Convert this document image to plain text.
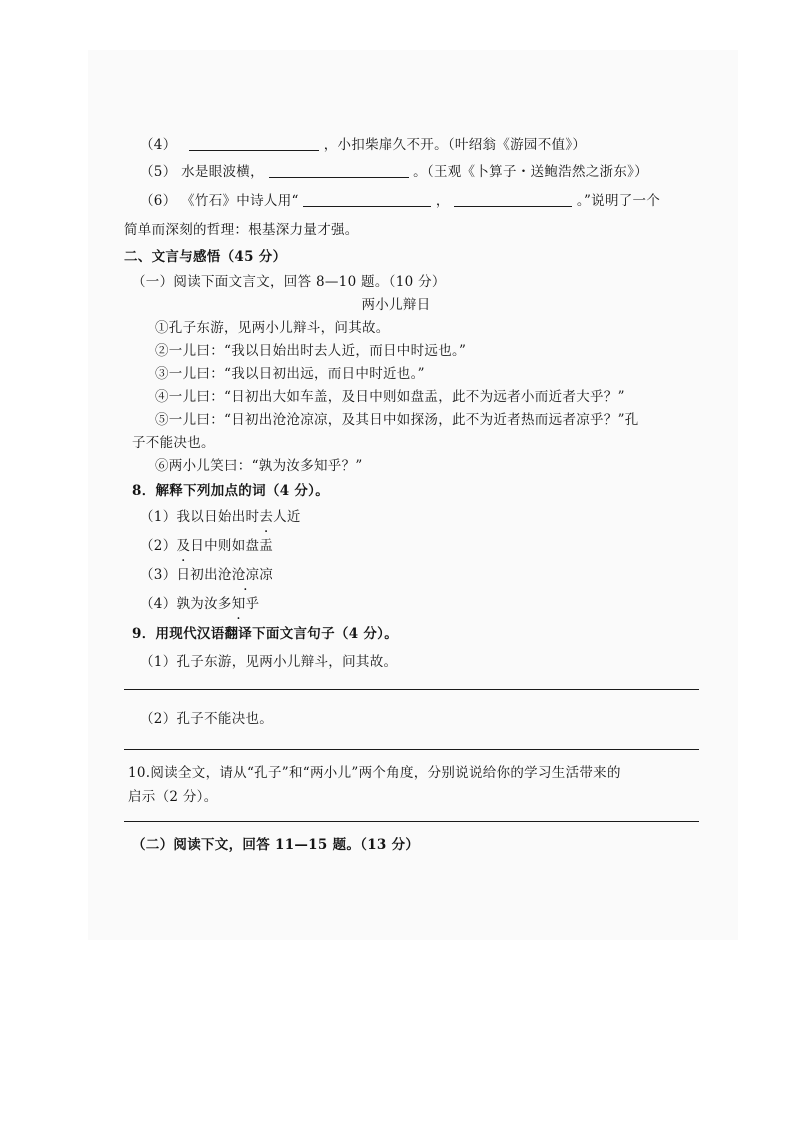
（4）	，小扣柴扉久不开。（叶绍翁《游园不值》）
（5） 水是眼波横，	。（王观《卜算子・送鲍浩然之浙东》）
（6） 《竹石》中诗人用“	，	。”说明了一个
简单而深刻的哲理：根基深力量才强。
二、文言与感悟（45 分）
（一）阅读下面文言文，回答 8—10 题。（10 分）
两小儿辩日
①孔子东游，见两小儿辩斗，问其故。
②一儿曰：“我以日始出时去人近，而日中时远也。”
③一儿曰：“我以日初出远，而日中时近也。”
④一儿曰：“日初出大如车盖，及日中则如盘盂，此不为远者小而近者大乎？”
⑤一儿曰：“日初出沧沧凉凉，及其日中如探汤，此不为近者热而远者凉乎？”孔
子不能决也。
⑥两小儿笑曰：“孰为汝多知乎？”
8．解释下列加点的词（4 分）。
（1）我以日始出时去人近
（2）及日中则如盘盂
（3）日初出沧沧凉凉
（4）孰为汝多知乎
9．用现代汉语翻译下面文言句子（4 分）。
（1）孔子东游，见两小儿辩斗，问其故。
（2）孔子不能决也。
10.阅读全文，请从“孔子”和“两小儿”两个角度，分别说说给你的学习生活带来的
启示（2 分）。
（二）阅读下文，回答 11—15 题。（13 分）
